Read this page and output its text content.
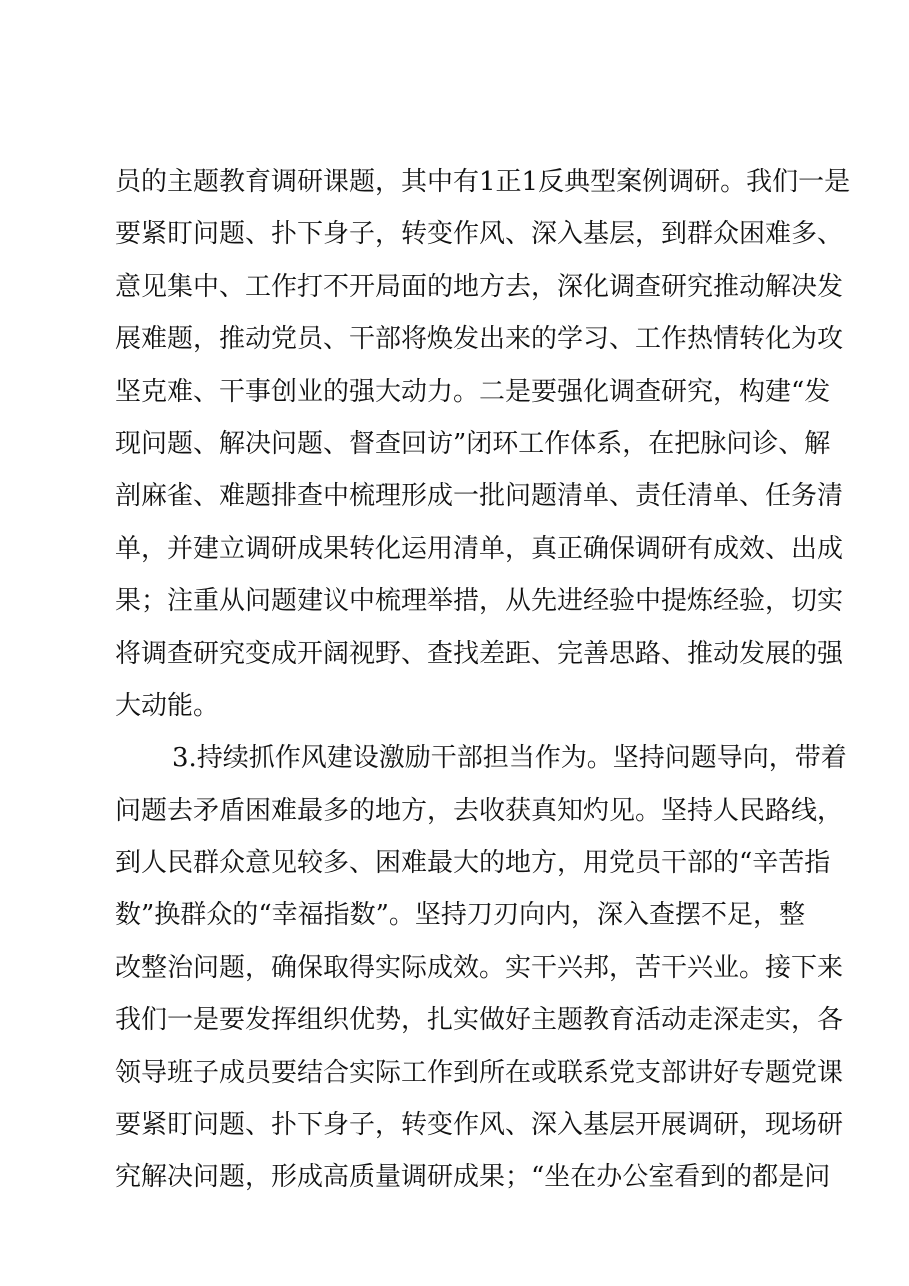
员的主题教育调研课题，其中有1正1反典型案例调研。我们一是
要紧盯问题、扑下身子，转变作风、深入基层，到群众困难多、
意见集中、工作打不开局面的地方去，深化调查研究推动解决发
展难题，推动党员、干部将焕发出来的学习、工作热情转化为攻
坚克难、干事创业的强大动力。二是要强化调查研究，构建“发
现问题、解决问题、督查回访”闭环工作体系，在把脉问诊、解
剖麻雀、难题排查中梳理形成一批问题清单、责任清单、任务清
单，并建立调研成果转化运用清单，真正确保调研有成效、出成
果；注重从问题建议中梳理举措，从先进经验中提炼经验，切实
将调查研究变成开阔视野、查找差距、完善思路、推动发展的强
大动能。
3.持续抓作风建设激励干部担当作为。坚持问题导向，带着
问题去矛盾困难最多的地方，去收获真知灼见。坚持人民路线，
到人民群众意见较多、困难最大的地方，用党员干部的“辛苦指
数”换群众的“幸福指数”。坚持刀刃向内，深入查摆不足，整
改整治问题，确保取得实际成效。实干兴邦，苦干兴业。接下来
我们一是要发挥组织优势，扎实做好主题教育活动走深走实，各
领导班子成员要结合实际工作到所在或联系党支部讲好专题党课
要紧盯问题、扑下身子，转变作风、深入基层开展调研，现场研
究解决问题，形成高质量调研成果；“坐在办公室看到的都是问
